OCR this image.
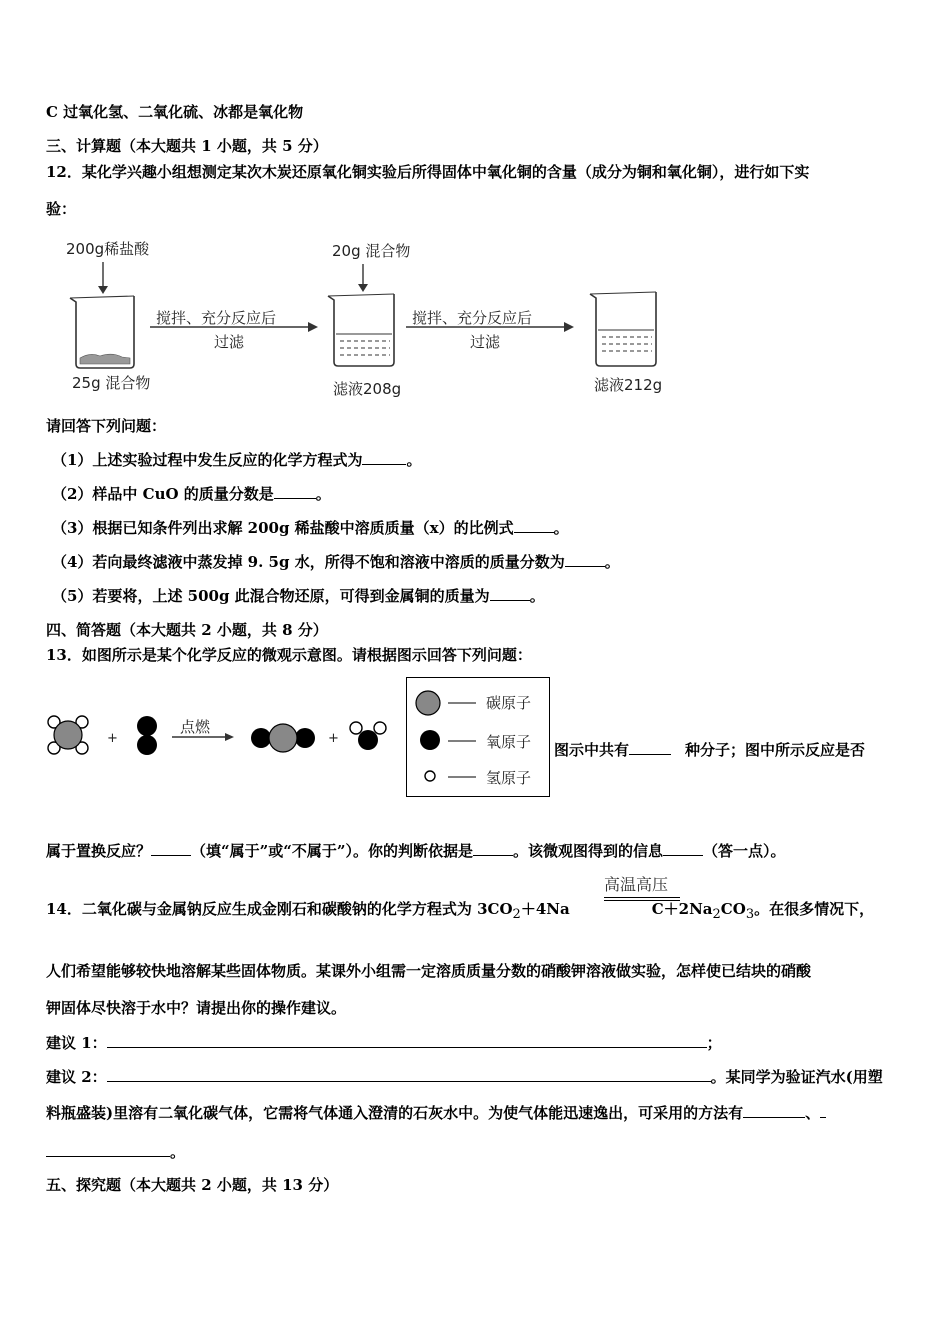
C 过氧化氢、二氧化硫、冰都是氧化物
三、计算题（本大题共 1 小题，共 5 分）
12．某化学兴趣小组想测定某次木炭还原氧化铜实验后所得固体中氧化铜的含量（成分为铜和氧化铜），进行如下实
验：
200g稀盐酸	20g 混合物
搅拌、充分反应后
过滤
搅拌、充分反应后
过滤
25g 混合物	滤液208g	滤液212g
请回答下列问题：
（1）上述实验过程中发生反应的化学方程式为	。
（2）样品中 CuO 的质量分数是	。
（3）根据已知条件列出求解 200g 稀盐酸中溶质质量（x）的比例式	。
（4）若向最终滤液中蒸发掉 9. 5g 水，所得不饱和溶液中溶质的质量分数为	。
（5）若要将，上述 500g 此混合物还原，可得到金属铜的质量为	。
四、简答题（本大题共 2 小题，共 8 分）
13．如图所示是某个化学反应的微观示意图。请根据图示回答下列问题：
+
点燃
+
碳原子
氧原子
氢原子
图示中共有	种分子；图中所示反应是否
属于置换反应？	（填“属于”或“不属于”）。你的判断依据是	。该微观图得到的信息	（答一点）。
高温高压
14．二氧化碳与金属钠反应生成金刚石和碳酸钠的化学方程式为 $3CO_2+4Na$	$C+2Na_2CO_3$。在很多情况下，
人们希望能够较快地溶解某些固体物质。某课外小组需一定溶质质量分数的硝酸钾溶液做实验，怎样使已结块的硝酸
钾固体尽快溶于水中？请提出你的操作建议。
建议 1：	；
建议 2：	。某同学为验证汽水(用塑
料瓶盛装)里溶有二氧化碳气体，它需将气体通入澄清的石灰水中。为使气体能迅速逸出，可采用的方法有	、
。
五、探究题（本大题共 2 小题，共 13 分）
